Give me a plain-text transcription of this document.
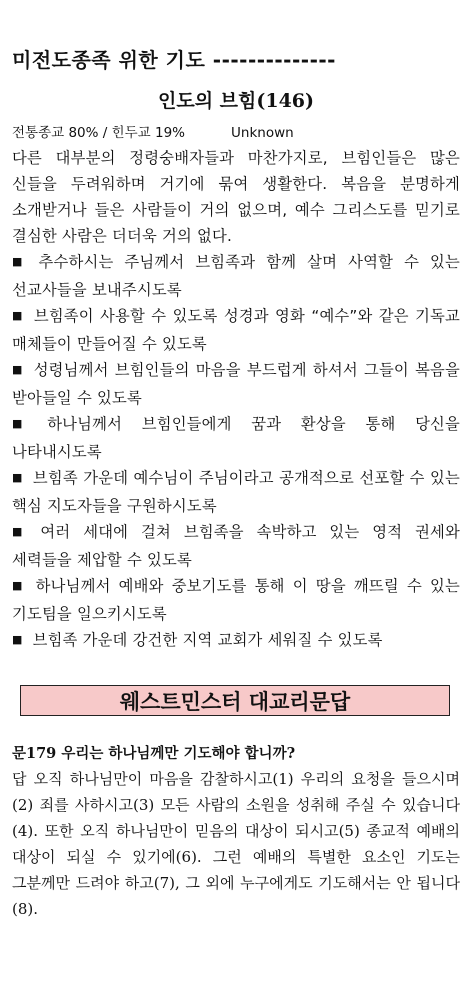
미전도종족 위한 기도 --------------
인도의 브힘(146)
전통종교 80% / 힌두교 19%	Unknown
다른 대부분의 정령숭배자들과 마찬가지로, 브힘인들은 많은 신들을 두려워하며 거기에 묶여 생활한다. 복음을 분명하게 소개받거나 들은 사람들이 거의 없으며, 예수 그리스도를 믿기로 결심한 사람은 더더욱 거의 없다.
■ 추수하시는 주님께서 브힘족과 함께 살며 사역할 수 있는 선교사들을 보내주시도록
■ 브힘족이 사용할 수 있도록 성경과 영화 “예수”와 같은 기독교 매체들이 만들어질 수 있도록
■ 성령님께서 브힘인들의 마음을 부드럽게 하셔서 그들이 복음을 받아들일 수 있도록
■ 하나님께서 브힘인들에게 꿈과 환상을 통해 당신을 나타내시도록
■ 브힘족 가운데 예수님이 주님이라고 공개적으로 선포할 수 있는 핵심 지도자들을 구원하시도록
■ 여러 세대에 걸쳐 브힘족을 속박하고 있는 영적 권세와 세력들을 제압할 수 있도록
■ 하나님께서 예배와 중보기도를 통해 이 땅을 깨뜨릴 수 있는 기도팀을 일으키시도록
■ 브힘족 가운데 강건한 지역 교회가 세워질 수 있도록
웨스트민스터 대교리문답
문179 우리는 하나님께만 기도해야 합니까?
답 오직 하나님만이 마음을 감찰하시고(1) 우리의 요청을 들으시며(2) 죄를 사하시고(3) 모든 사람의 소원을 성취해 주실 수 있습니다(4). 또한 오직 하나님만이 믿음의 대상이 되시고(5) 종교적 예배의 대상이 되실 수 있기에(6). 그런 예배의 특별한 요소인 기도는 그분께만 드려야 하고(7), 그 외에 누구에게도 기도해서는 안 됩니다(8).
